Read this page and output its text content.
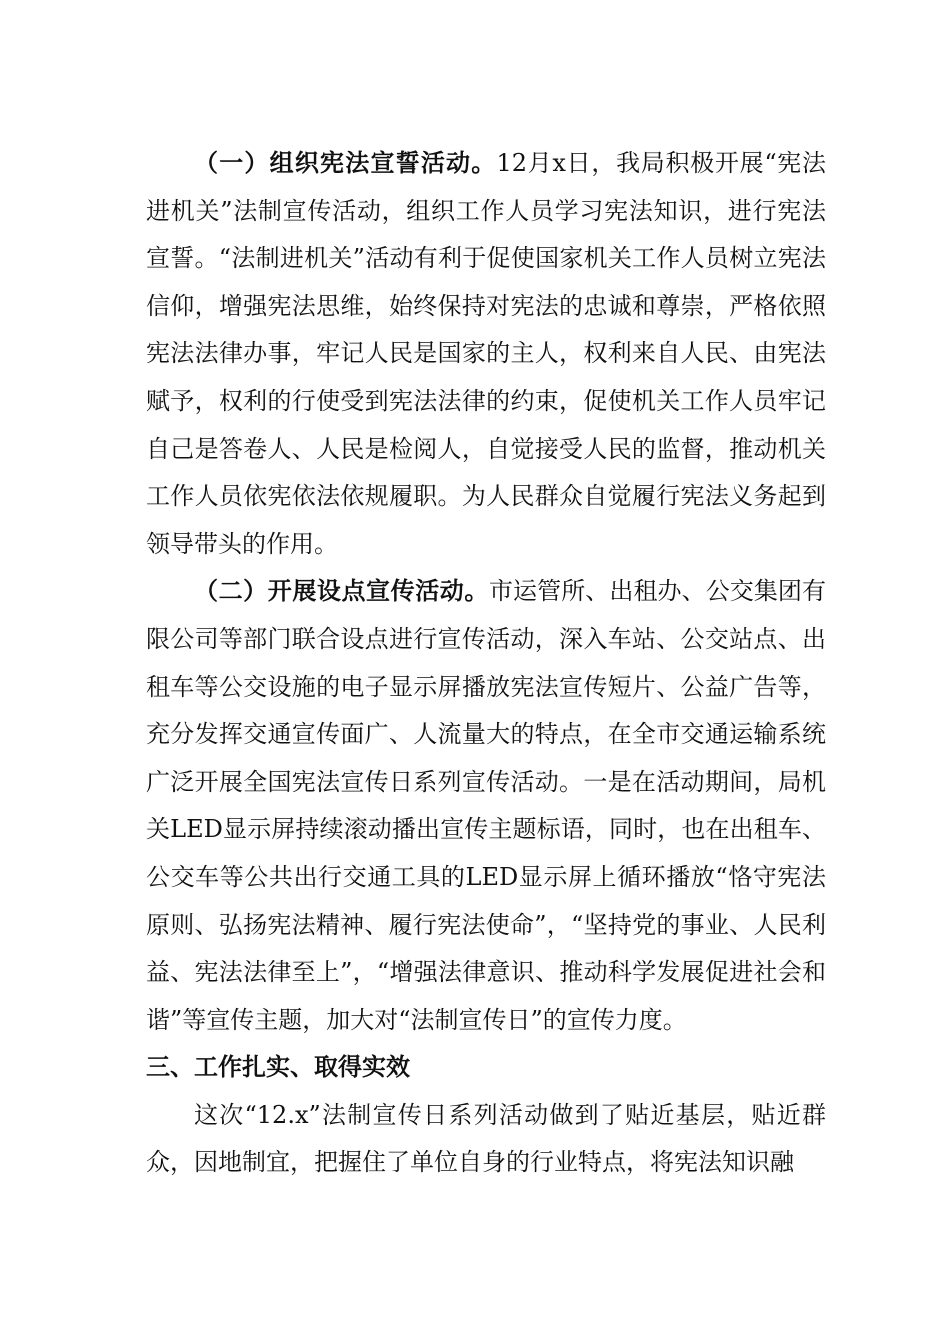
（一）组织宪法宣誓活动。12月x日，我局积极开展“宪法进机关”法制宣传活动，组织工作人员学习宪法知识，进行宪法宣誓。“法制进机关”活动有利于促使国家机关工作人员树立宪法信仰，增强宪法思维，始终保持对宪法的忠诚和尊崇，严格依照宪法法律办事，牢记人民是国家的主人，权利来自人民、由宪法赋予，权利的行使受到宪法法律的约束，促使机关工作人员牢记自己是答卷人、人民是检阅人，自觉接受人民的监督，推动机关工作人员依宪依法依规履职。为人民群众自觉履行宪法义务起到领导带头的作用。

（二）开展设点宣传活动。市运管所、出租办、公交集团有限公司等部门联合设点进行宣传活动，深入车站、公交站点、出租车等公交设施的电子显示屏播放宪法宣传短片、公益广告等，充分发挥交通宣传面广、人流量大的特点，在全市交通运输系统广泛开展全国宪法宣传日系列宣传活动。一是在活动期间，局机关LED显示屏持续滚动播出宣传主题标语，同时，也在出租车、公交车等公共出行交通工具的LED显示屏上循环播放“恪守宪法原则、弘扬宪法精神、履行宪法使命”，“坚持党的事业、人民利益、宪法法律至上”，“增强法律意识、推动科学发展促进社会和谐”等宣传主题，加大对“法制宣传日”的宣传力度。

三、工作扎实、取得实效

这次“12.x”法制宣传日系列活动做到了贴近基层，贴近群众，因地制宜，把握住了单位自身的行业特点，将宪法知识融
